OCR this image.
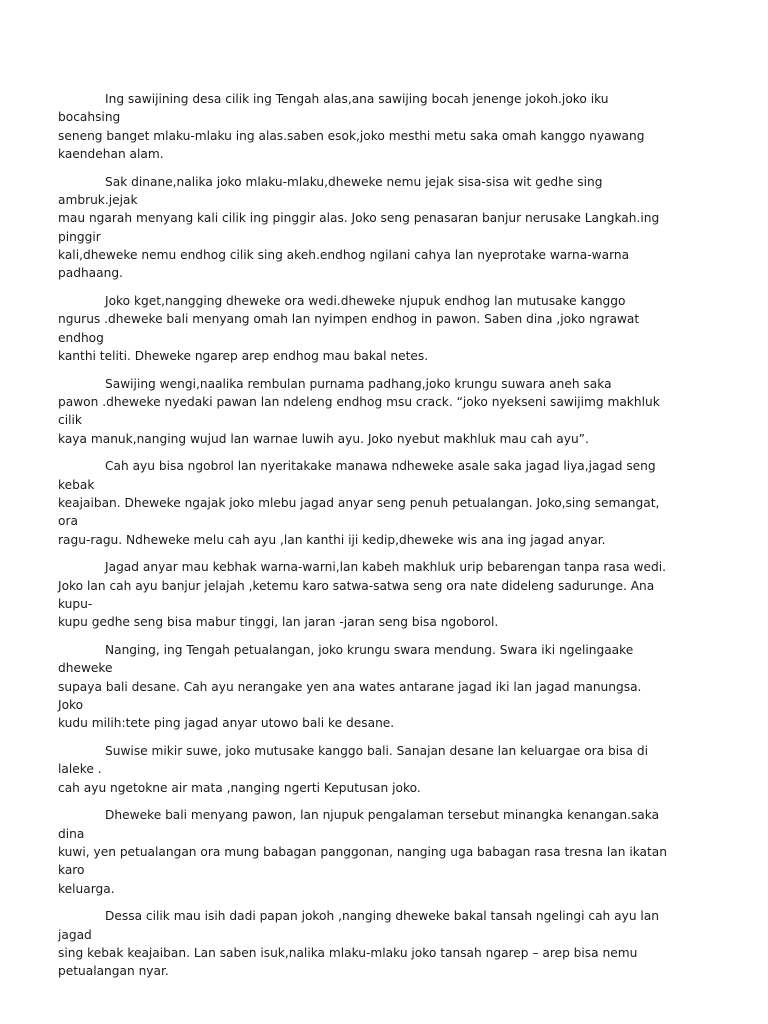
Ing sawijining desa cilik ing Tengah alas,ana sawijing bocah jenenge jokoh.joko iku bocahsing
seneng banget mlaku-mlaku ing alas.saben esok,joko mesthi metu saka omah kanggo nyawang
kaendehan alam.

Sak dinane,nalika joko mlaku-mlaku,dheweke nemu jejak sisa-sisa wit gedhe sing ambruk.jejak
mau ngarah menyang kali cilik ing pinggir alas. Joko seng penasaran banjur nerusake Langkah.ing pinggir
kali,dheweke nemu endhog cilik sing akeh.endhog ngilani cahya lan nyeprotake warna-warna padhaang.

Joko kget,nangging dheweke ora wedi.dheweke njupuk endhog lan mutusake kanggo
ngurus .dheweke bali menyang omah lan nyimpen endhog in pawon. Saben dina ,joko ngrawat endhog
kanthi teliti. Dheweke ngarep arep endhog mau bakal netes.

Sawijing wengi,naalika rembulan purnama padhang,joko krungu suwara aneh saka
pawon .dheweke nyedaki pawan lan ndeleng endhog msu crack. “joko nyekseni sawijimg makhluk cilik
kaya manuk,nanging wujud lan warnae luwih ayu. Joko nyebut makhluk mau cah ayu”.

Cah ayu bisa ngobrol lan nyeritakake manawa ndheweke asale saka jagad liya,jagad seng kebak
keajaiban. Dheweke ngajak joko mlebu jagad anyar seng penuh petualangan. Joko,sing semangat, ora
ragu-ragu. Ndheweke melu cah ayu ,lan kanthi iji kedip,dheweke wis ana ing jagad anyar.

Jagad anyar mau kebhak warna-warni,lan kabeh makhluk urip bebarengan tanpa rasa wedi.
Joko lan cah ayu banjur jelajah ,ketemu karo satwa-satwa seng ora nate dideleng sadurunge. Ana kupu-
kupu gedhe seng bisa mabur tinggi, lan jaran -jaran seng bisa ngoborol.

Nanging, ing Tengah petualangan, joko krungu swara mendung. Swara iki ngelingaake dheweke
supaya bali desane. Cah ayu nerangake yen ana wates antarane jagad iki lan jagad manungsa. Joko
kudu milih:tete ping jagad anyar utowo bali ke desane.

Suwise mikir suwe, joko mutusake kanggo bali. Sanajan desane lan keluargae ora bisa di laleke .
cah ayu ngetokne air mata ,nanging ngerti Keputusan joko.

Dheweke bali menyang pawon, lan njupuk pengalaman tersebut minangka kenangan.saka dina
kuwi, yen petualangan ora mung babagan panggonan, nanging uga babagan rasa tresna lan ikatan karo
keluarga.

Dessa cilik mau isih dadi papan jokoh ,nanging dheweke bakal tansah ngelingi cah ayu lan jagad
sing kebak keajaiban. Lan saben isuk,nalika mlaku-mlaku joko tansah ngarep – arep bisa nemu
petualangan nyar.
